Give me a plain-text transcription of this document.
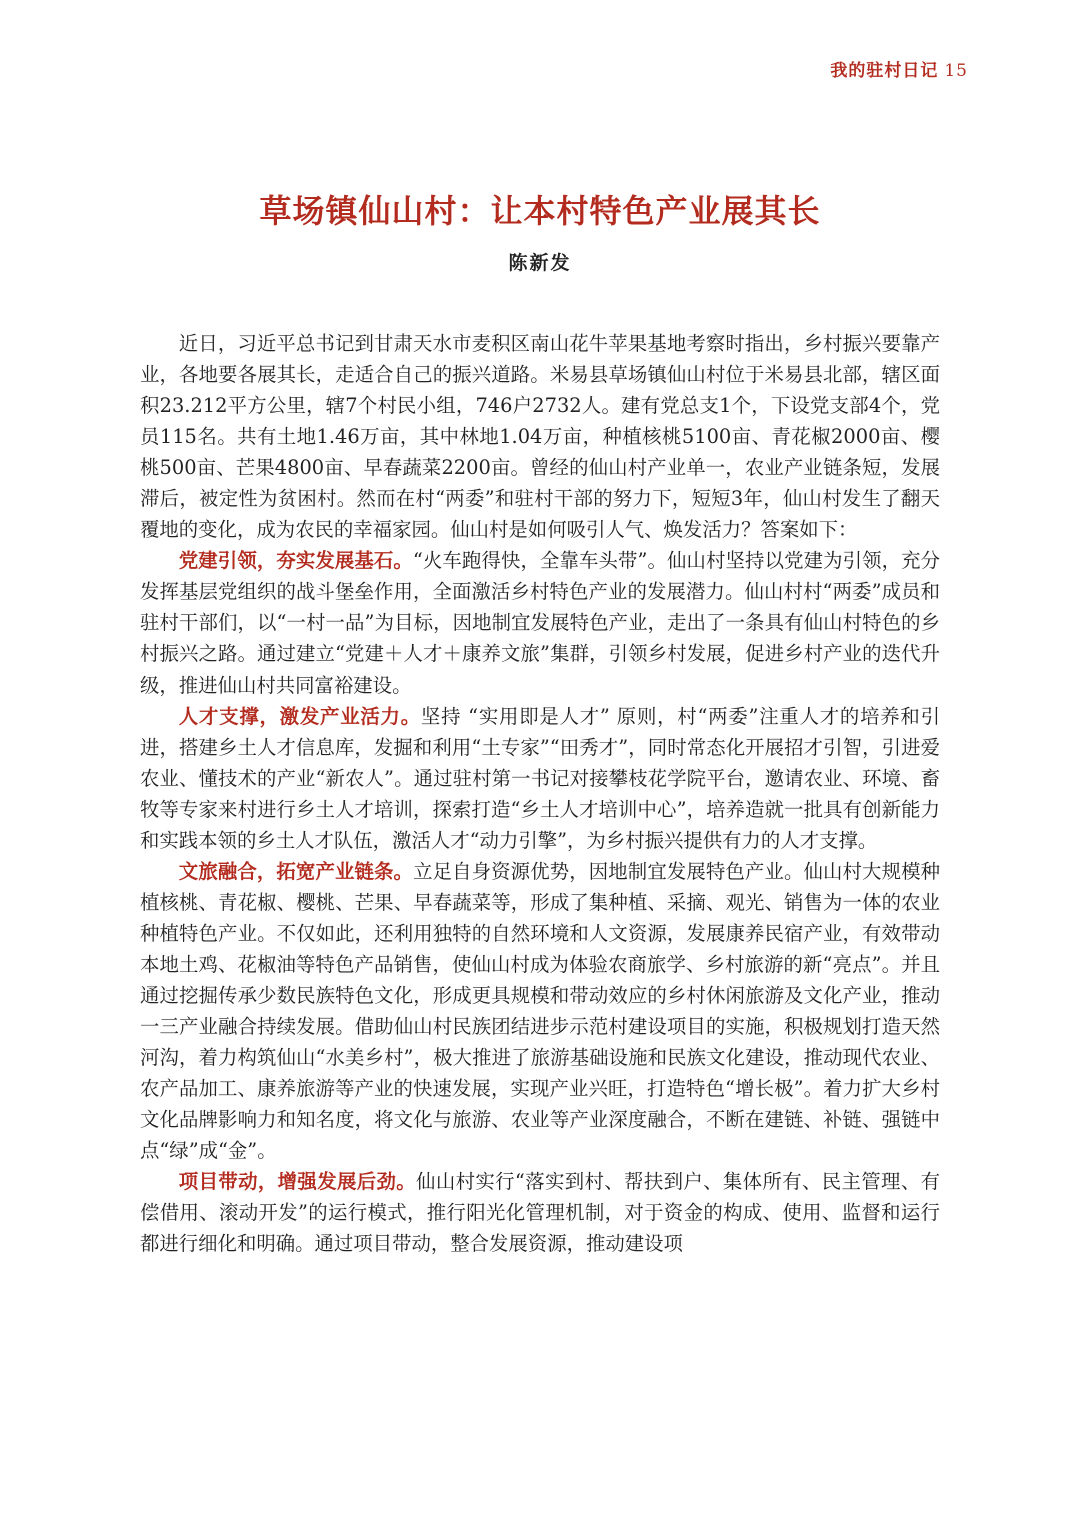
我的驻村日记 15
草场镇仙山村：让本村特色产业展其长
陈新发

近日，习近平总书记到甘肃天水市麦积区南山花牛苹果基地考察时指出，乡村振兴要靠产业，各地要各展其长，走适合自己的振兴道路。米易县草场镇仙山村位于米易县北部，辖区面积23.212平方公里，辖7个村民小组，746户2732人。建有党总支1个，下设党支部4个，党员115名。共有土地1.46万亩，其中林地1.04万亩，种植核桃5100亩、青花椒2000亩、樱桃500亩、芒果4800亩、早春蔬菜2200亩。曾经的仙山村产业单一，农业产业链条短，发展滞后，被定性为贫困村。然而在村“两委”和驻村干部的努力下，短短3年，仙山村发生了翻天覆地的变化，成为农民的幸福家园。仙山村是如何吸引人气、焕发活力？答案如下：

党建引领，夯实发展基石。“火车跑得快，全靠车头带”。仙山村坚持以党建为引领，充分发挥基层党组织的战斗堡垒作用，全面激活乡村特色产业的发展潜力。仙山村村“两委”成员和驻村干部们，以“一村一品”为目标，因地制宜发展特色产业，走出了一条具有仙山村特色的乡村振兴之路。通过建立“党建＋人才＋康养文旅”集群，引领乡村发展，促进乡村产业的迭代升级，推进仙山村共同富裕建设。

人才支撑，激发产业活力。坚持 “实用即是人才” 原则，村“两委”注重人才的培养和引进，搭建乡土人才信息库，发掘和利用“土专家”“田秀才”，同时常态化开展招才引智，引进爱农业、懂技术的产业“新农人”。通过驻村第一书记对接攀枝花学院平台，邀请农业、环境、畜牧等专家来村进行乡土人才培训，探索打造“乡土人才培训中心”，培养造就一批具有创新能力和实践本领的乡土人才队伍，激活人才“动力引擎”，为乡村振兴提供有力的人才支撑。

文旅融合，拓宽产业链条。立足自身资源优势，因地制宜发展特色产业。仙山村大规模种植核桃、青花椒、樱桃、芒果、早春蔬菜等，形成了集种植、采摘、观光、销售为一体的农业种植特色产业。不仅如此，还利用独特的自然环境和人文资源，发展康养民宿产业，有效带动本地土鸡、花椒油等特色产品销售，使仙山村成为体验农商旅学、乡村旅游的新“亮点”。并且通过挖掘传承少数民族特色文化，形成更具规模和带动效应的乡村休闲旅游及文化产业，推动一三产业融合持续发展。借助仙山村民族团结进步示范村建设项目的实施，积极规划打造天然河沟，着力构筑仙山“水美乡村”，极大推进了旅游基础设施和民族文化建设，推动现代农业、农产品加工、康养旅游等产业的快速发展，实现产业兴旺，打造特色“增长极”。着力扩大乡村文化品牌影响力和知名度，将文化与旅游、农业等产业深度融合，不断在建链、补链、强链中点“绿”成“金”。

项目带动，增强发展后劲。仙山村实行“落实到村、帮扶到户、集体所有、民主管理、有偿借用、滚动开发”的运行模式，推行阳光化管理机制，对于资金的构成、使用、监督和运行都进行细化和明确。通过项目带动，整合发展资源，推动建设项
